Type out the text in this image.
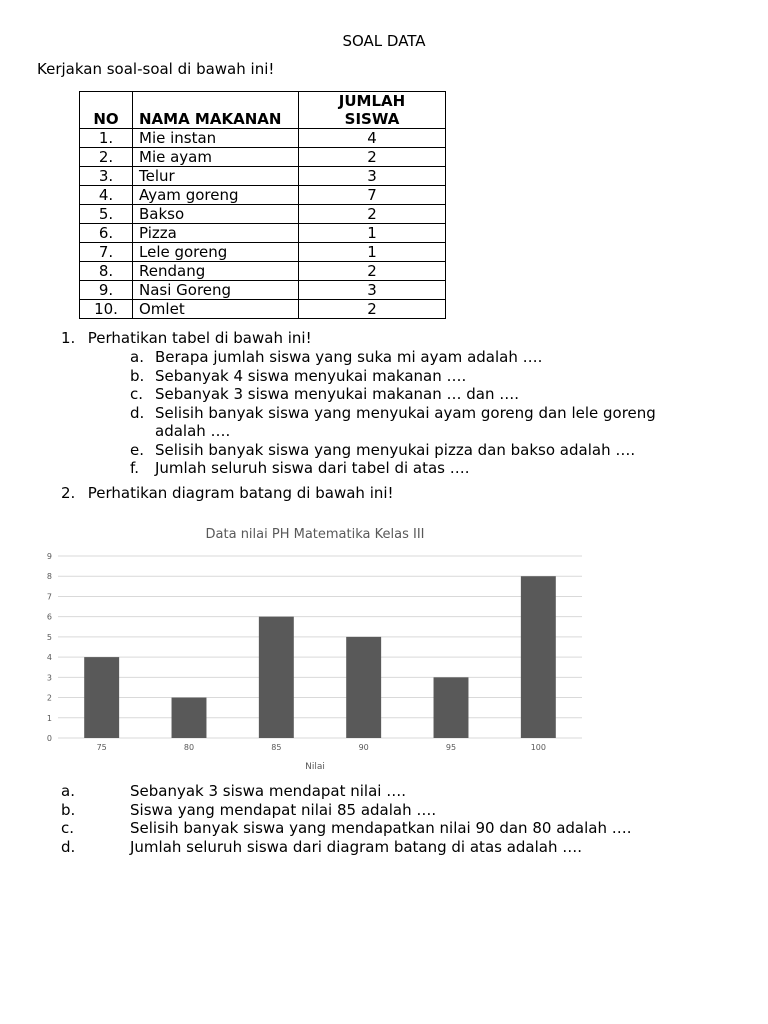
SOAL DATA
Kerjakan soal-soal di bawah ini!
NO	NAMA MAKANAN	JUMLAH
SISWA
1.	Mie instan	4
2.	Mie ayam	2
3.	Telur	3
4.	Ayam goreng	7
5.	Bakso	2
6.	Pizza	1
7.	Lele goreng	1
8.	Rendang	2
9.	Nasi Goreng	3
10.	Omlet	2
1. Perhatikan tabel di bawah ini!
a. Berapa jumlah siswa yang suka mi ayam adalah ….
b. Sebanyak 4 siswa menyukai makanan ….
c. Sebanyak 3 siswa menyukai makanan … dan ….
d. Selisih banyak siswa yang menyukai ayam goreng dan lele goreng
adalah ….
e. Selisih banyak siswa yang menyukai pizza dan bakso adalah ….
f. Jumlah seluruh siswa dari tabel di atas ….
2. Perhatikan diagram batang di bawah ini!
Data nilai PH Matematika Kelas III
0
1
2
3
4
5
6
7
8
9
75	80	85	90	95	100
Nilai
a.	Sebanyak 3 siswa mendapat nilai ….
b.	Siswa yang mendapat nilai 85 adalah ….
c.	Selisih banyak siswa yang mendapatkan nilai 90 dan 80 adalah ….
d.	Jumlah seluruh siswa dari diagram batang di atas adalah ….
